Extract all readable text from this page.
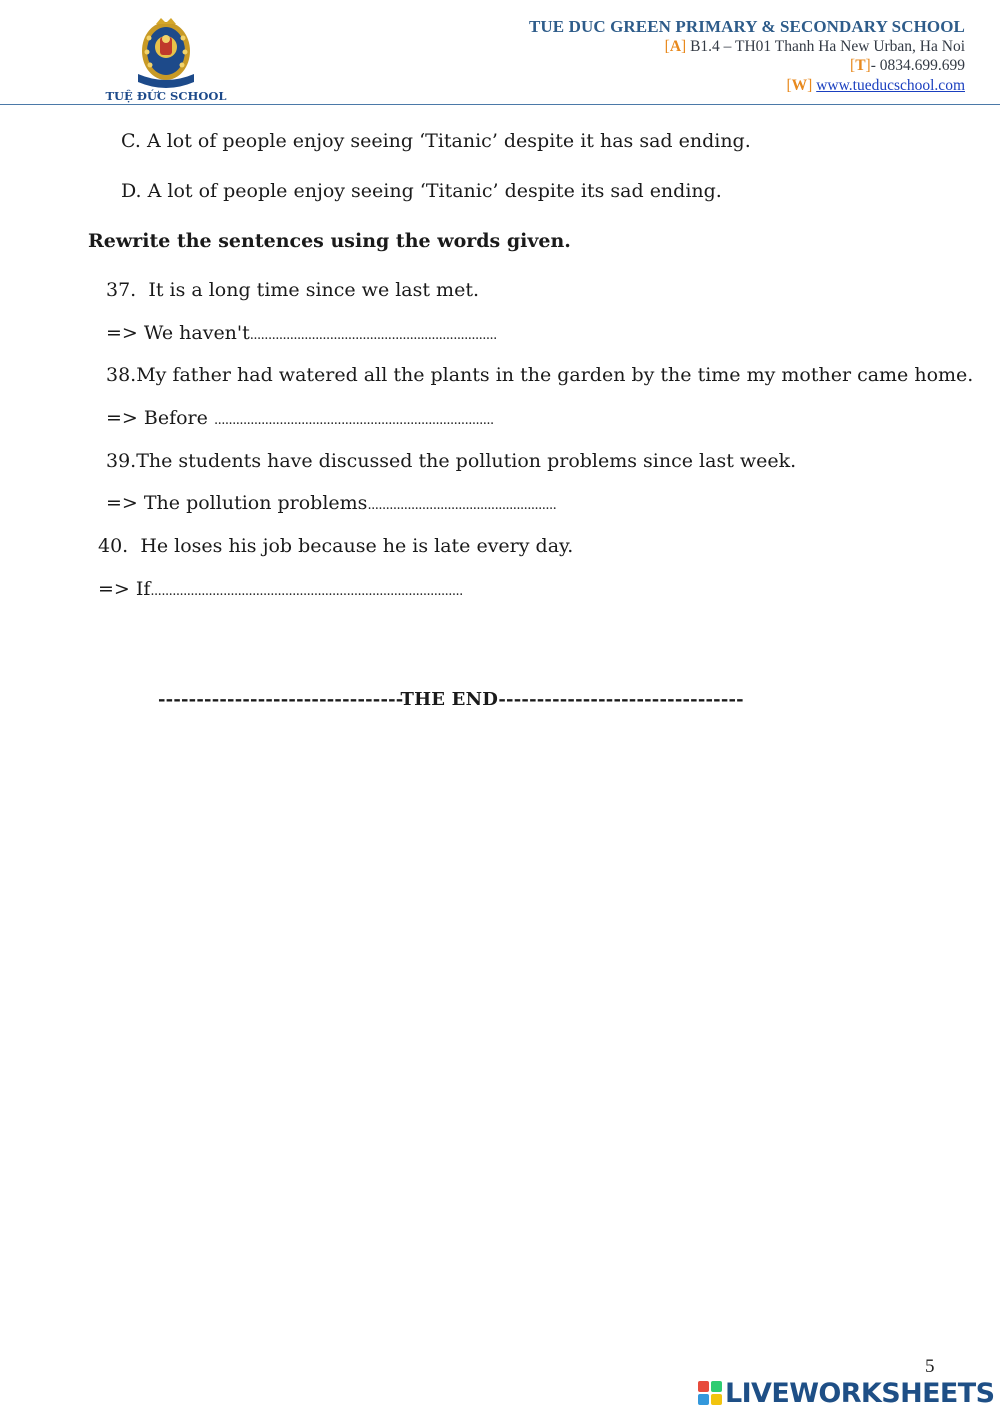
TUỆ ĐỨC SCHOOL
TUE DUC GREEN PRIMARY & SECONDARY SCHOOL
[A] B1.4 – TH01 Thanh Ha New Urban, Ha Noi
[T]- 0834.699.699
[W] www.tueducschool.com
C. A lot of people enjoy seeing ‘Titanic’ despite it has sad ending.
D. A lot of people enjoy seeing ‘Titanic’ despite its sad ending.
Rewrite the sentences using the words given.
37. It is a long time since we last met.
=> We haven't....................................................................
38.My father had watered all the plants in the garden by the time my mother came home.
=> Before .............................................................................
39.The students have discussed the pollution problems since last week.
=> The pollution problems....................................................
40. He loses his job because he is late every day.
=> If......................................................................................
--------------------------------THE END--------------------------------
5
LIVEWORKSHEETS
